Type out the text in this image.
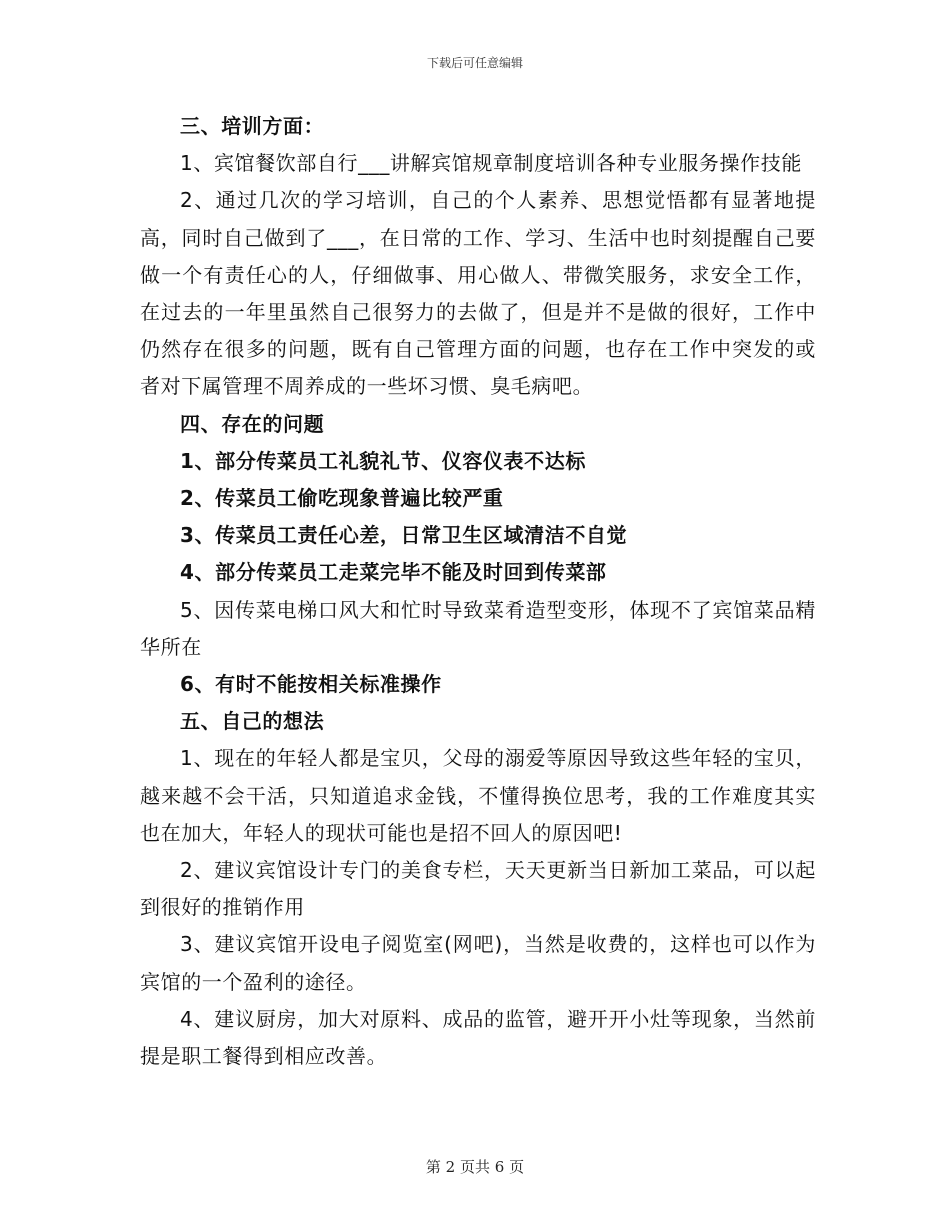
下载后可任意编辑

三、培训方面：

1、宾馆餐饮部自行___讲解宾馆规章制度培训各种专业服务操作技能

2、通过几次的学习培训，自己的个人素养、思想觉悟都有显著地提高，同时自己做到了___，在日常的工作、学习、生活中也时刻提醒自己要做一个有责任心的人，仔细做事、用心做人、带微笑服务，求安全工作，在过去的一年里虽然自己很努力的去做了，但是并不是做的很好，工作中仍然存在很多的问题，既有自己管理方面的问题，也存在工作中突发的或者对下属管理不周养成的一些坏习惯、臭毛病吧。

四、存在的问题

1、部分传菜员工礼貌礼节、仪容仪表不达标

2、传菜员工偷吃现象普遍比较严重

3、传菜员工责任心差，日常卫生区域清洁不自觉

4、部分传菜员工走菜完毕不能及时回到传菜部

5、因传菜电梯口风大和忙时导致菜肴造型变形，体现不了宾馆菜品精华所在

6、有时不能按相关标准操作

五、自己的想法

1、现在的年轻人都是宝贝，父母的溺爱等原因导致这些年轻的宝贝，越来越不会干活，只知道追求金钱，不懂得换位思考，我的工作难度其实也在加大，年轻人的现状可能也是招不回人的原因吧!

2、建议宾馆设计专门的美食专栏，天天更新当日新加工菜品，可以起到很好的推销作用

3、建议宾馆开设电子阅览室(网吧)，当然是收费的，这样也可以作为宾馆的一个盈利的途径。

4、建议厨房，加大对原料、成品的监管，避开开小灶等现象，当然前提是职工餐得到相应改善。

第 2 页共 6 页
